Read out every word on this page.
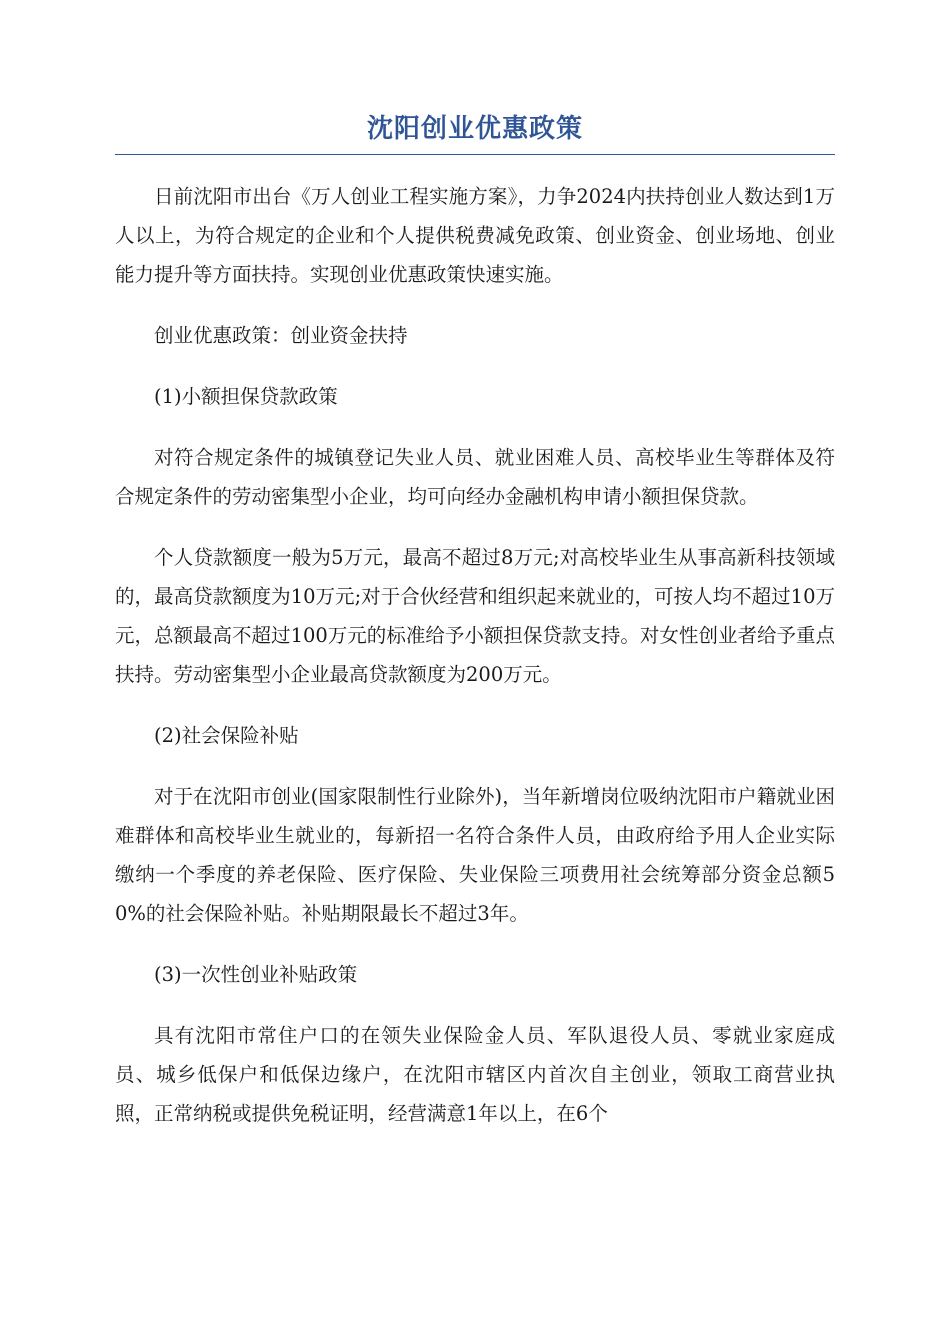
沈阳创业优惠政策

日前沈阳市出台《万人创业工程实施方案》，力争2024内扶持创业人数达到1万人以上，为符合规定的企业和个人提供税费减免政策、创业资金、创业场地、创业能力提升等方面扶持。实现创业优惠政策快速实施。

创业优惠政策：创业资金扶持

(1)小额担保贷款政策

对符合规定条件的城镇登记失业人员、就业困难人员、高校毕业生等群体及符合规定条件的劳动密集型小企业，均可向经办金融机构申请小额担保贷款。

个人贷款额度一般为5万元，最高不超过8万元;对高校毕业生从事高新科技领域的，最高贷款额度为10万元;对于合伙经营和组织起来就业的，可按人均不超过10万元，总额最高不超过100万元的标准给予小额担保贷款支持。对女性创业者给予重点扶持。劳动密集型小企业最高贷款额度为200万元。

(2)社会保险补贴

对于在沈阳市创业(国家限制性行业除外)，当年新增岗位吸纳沈阳市户籍就业困难群体和高校毕业生就业的，每新招一名符合条件人员，由政府给予用人企业实际缴纳一个季度的养老保险、医疗保险、失业保险三项费用社会统筹部分资金总额50%的社会保险补贴。补贴期限最长不超过3年。

(3)一次性创业补贴政策

具有沈阳市常住户口的在领失业保险金人员、军队退役人员、零就业家庭成员、城乡低保户和低保边缘户，在沈阳市辖区内首次自主创业，领取工商营业执照，正常纳税或提供免税证明，经营满意1年以上，在6个
